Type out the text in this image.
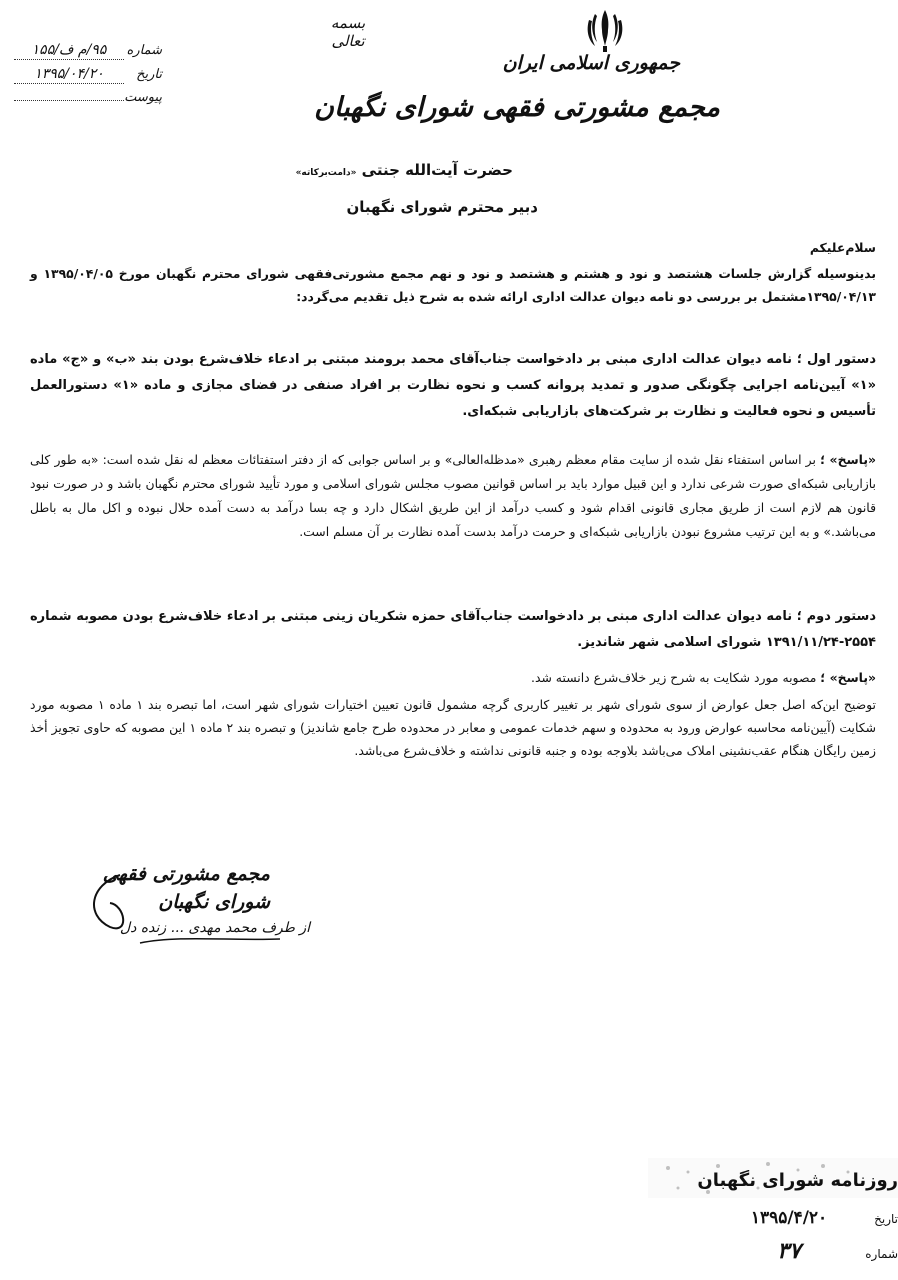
بسمه تعالی
جمهوری اسلامی ایران
مجمع مشورتی فقهی شورای نگهبان
شماره
۹۵/م ف/۱۵۵
تاریخ
۱۳۹۵/۰۴/۲۰
پیوست
حضرت آیت‌الله جنتی «دامت‌برکاته»
دبیر محترم شورای نگهبان
سلام‌علیکم
بدینوسیله گزارش جلسات هشتصد و نود و هشتم و هشتصد و نود و نهم مجمع مشورتی‌فقهی شورای محترم نگهبان مورخ ۱۳۹۵/۰۴/۰۵ و ۱۳۹۵/۰۴/۱۳مشتمل بر بررسی دو نامه دیوان عدالت اداری ارائه شده به شرح ذیل تقدیم می‌گردد:
دستور اول ؛ نامه دیوان عدالت اداری مبنی بر دادخواست جناب‌آقای محمد برومند مبتنی بر ادعاء خلاف‌شرع بودن بند «ب» و «ج» ماده «۱» آیین‌نامه اجرایی چگونگی صدور و تمدید پروانه کسب و نحوه نظارت بر افراد صنفی در فضای مجازی و ماده «۱» دستورالعمل تأسیس و نحوه فعالیت و نظارت بر شرکت‌های بازاریابی شبکه‌ای.
«پاسخ» ؛ بر اساس استفتاء نقل شده از سایت مقام معظم رهبری «مدظله‌العالی» و بر اساس جوابی که از دفتر استفتائات معظم له نقل شده است: «به طور کلی بازاریابی شبکه‌ای صورت شرعی ندارد و این قبیل موارد باید بر اساس قوانین مصوب مجلس شورای اسلامی و مورد تأیید شورای محترم نگهبان باشد و در صورت نبود قانون هم لازم است از طریق مجاری قانونی اقدام شود و کسب درآمد از این طریق اشکال دارد و چه بسا درآمد به دست آمده حلال نبوده و اکل مال به باطل می‌باشد.» و به این ترتیب مشروع نبودن بازاریابی شبکه‌ای و حرمت درآمد بدست آمده نظارت بر آن مسلم است.
دستور دوم ؛ نامه دیوان عدالت اداری مبنی بر دادخواست جناب‌آقای حمزه شکریان زینی مبتنی بر ادعاء خلاف‌شرع بودن مصوبه شماره ۲۵۵۴-۱۳۹۱/۱۱/۲۴ شورای اسلامی شهر شاندیز.
«پاسخ» ؛ مصوبه مورد شکایت به شرح زیر خلاف‌شرع دانسته شد.
توضیح این‌که اصل جعل عوارض از سوی شورای شهر بر تغییر کاربری گرچه مشمول قانون تعیین اختیارات شورای شهر است، اما تبصره بند ۱ ماده ۱ مصوبه مورد شکایت (آیین‌نامه محاسبه عوارض ورود به محدوده و سهم خدمات عمومی و معابر در محدوده طرح جامع شاندیز) و تبصره بند ۲ ماده ۱ این مصوبه که حاوی تجویز أخذ زمین رایگان هنگام عقب‌نشینی املاک می‌باشد بلاوجه بوده و جنبه قانونی نداشته و خلاف‌شرع می‌باشد.
مجمع مشورتی فقهی شورای نگهبان
از طرف محمد مهدی ... زنده دل
روزنامه شورای نگهبان
تاریخ
۱۳۹۵/۴/۲۰
شماره
۳۷
